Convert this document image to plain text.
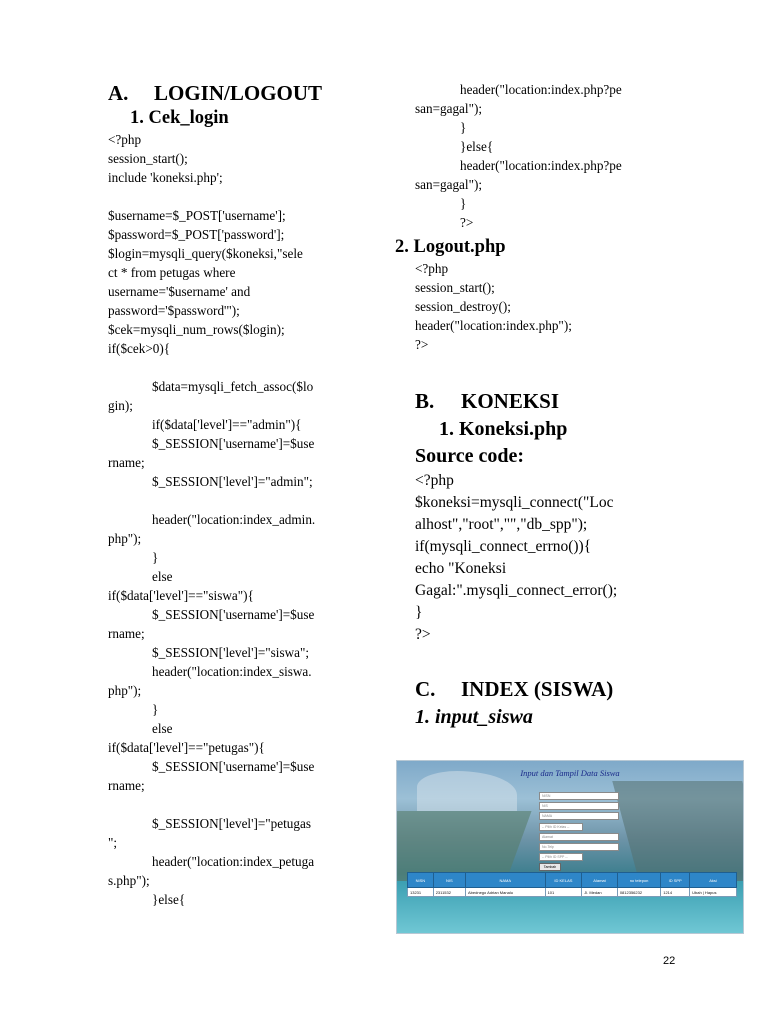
A. LOGIN/LOGOUT
1. Cek_login
<?php
session_start();
include 'koneksi.php';
$username=$_POST['username'];
$password=$_POST['password'];
$login=mysqli_query($koneksi,"sele
ct * from petugas where
username='$username' and
password='$password'");
$cek=mysqli_num_rows($login);
if($cek>0){
$data=mysqli_fetch_assoc($lo
gin);
if($data['level']=="admin"){
$_SESSION['username']=$use
rname;
$_SESSION['level']="admin";
header("location:index_admin.
php");
}
else
if($data['level']=="siswa"){
$_SESSION['username']=$use
rname;
$_SESSION['level']="siswa";
header("location:index_siswa.
php");
}
else
if($data['level']=="petugas"){
$_SESSION['username']=$use
rname;
$_SESSION['level']="petugas
";
header("location:index_petuga
s.php");
}else{
header("location:index.php?pe
san=gagal");
}
}else{
header("location:index.php?pe
san=gagal");
}
?>
2. Logout.php
<?php
session_start();
session_destroy();
header("location:index.php");
?>
B. KONEKSI
1. Koneksi.php
Source code:
<?php
$koneksi=mysqli_connect("Loc
alhost","root","","db_spp");
if(mysqli_connect_errno()){
echo "Koneksi
Gagal:".mysqli_connect_error();
}
?>
C. INDEX (SISWA)
1. input_siswa
Input dan Tampil Data Siswa
NISN
NIS
NAMA
-- Pilih ID Kelas --
Alamat
No.Telp
-- Pilih ID SPP --
Tambah
NISN	NIS	NAMA	ID KELAS	Alamat	no telepon	ID SPP	Aksi
13231	2311532	Abednego Adrian Manalu	101	Jl. Medan	0812356232	1214	Ubah | Hapus
22
